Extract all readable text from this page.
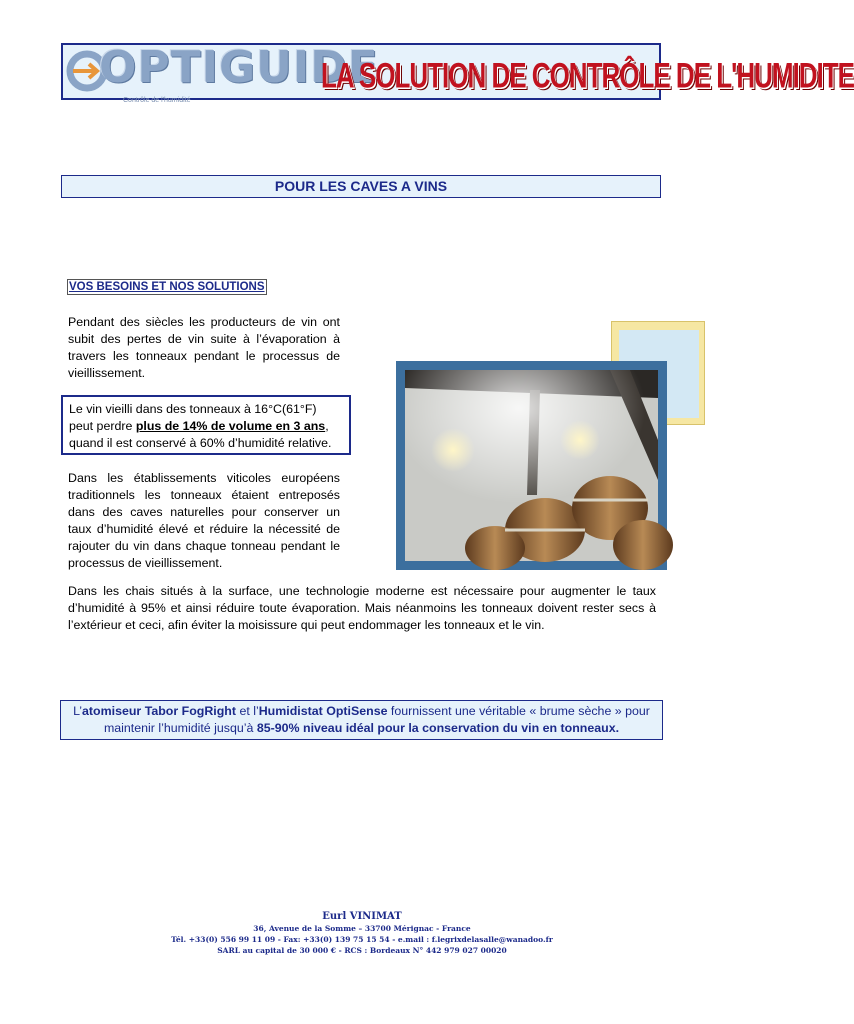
OPTIGUIDE
Contrôle de l'humidité
LA SOLUTION DE CONTRÔLE DE L'HUMIDITE
POUR LES CAVES A VINS
VOS BESOINS ET NOS SOLUTIONS
Pendant des siècles les producteurs de vin ont subit des pertes de vin suite à l’évaporation à travers les tonneaux pendant le processus de vieillissement.
Le vin vieilli dans des tonneaux à 16°C(61°F) peut perdre plus de 14% de volume en 3 ans,
quand il est conservé à 60% d’humidité relative.
Dans les établissements viticoles européens traditionnels les tonneaux étaient entreposés dans des caves naturelles pour conserver un taux d’humidité élevé et réduire la nécessité de rajouter du vin dans chaque tonneau pendant le processus de vieillissement.
Dans les chais situés à la surface, une technologie moderne est nécessaire pour augmenter le taux d’humidité à 95% et ainsi réduire toute évaporation. Mais néanmoins les tonneaux doivent rester secs à l’extérieur et ceci, afin éviter la moisissure qui peut endommager les tonneaux et le vin.
L’atomiseur Tabor FogRight et l’Humidistat OptiSense fournissent une véritable « brume sèche » pour maintenir l’humidité jusqu’à 85-90% niveau idéal pour la conservation du vin en tonneaux.
Eurl VINIMAT
36, Avenue de la Somme – 33700 Mérignac - France
Tél. +33(0) 556 99 11 09 - Fax: +33(0) 139 75 15 54 - e.mail : f.legrixdelasalle@wanadoo.fr
SARL au capital de 30 000 € - RCS : Bordeaux N° 442 979 027 00020
